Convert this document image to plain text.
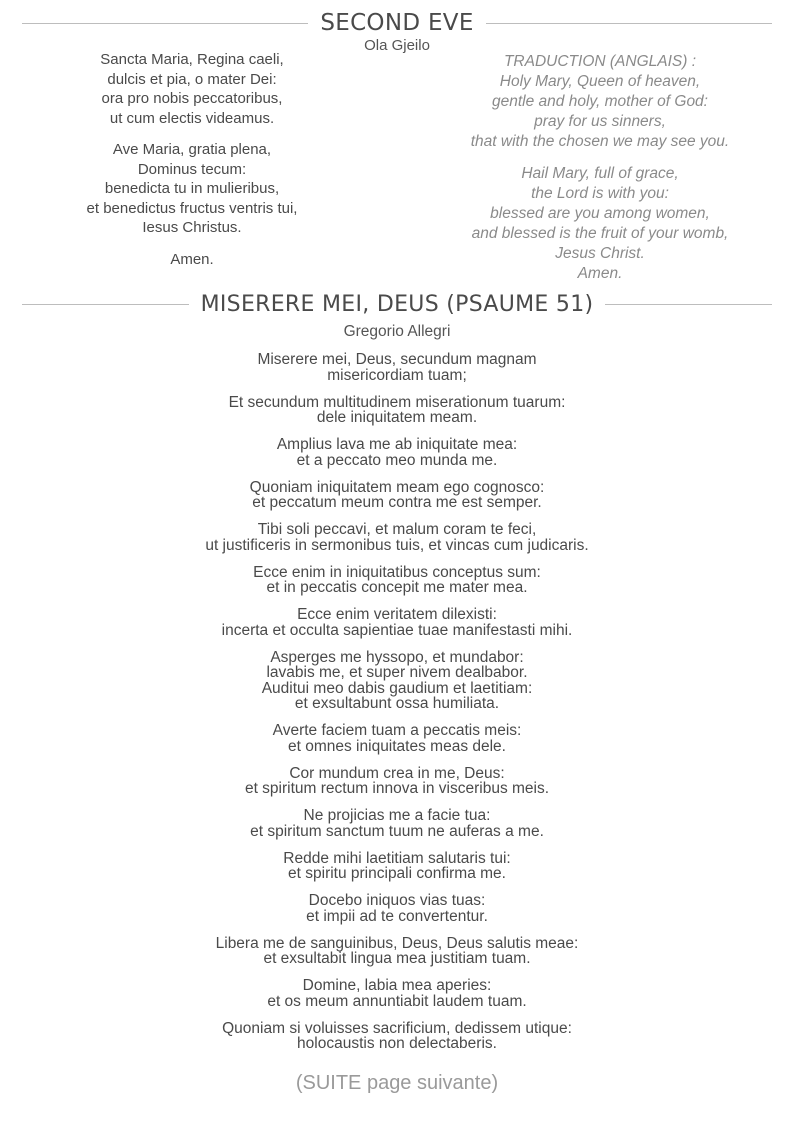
SECOND EVE
Ola Gjeilo
Sancta Maria, Regina caeli,
dulcis et pia, o mater Dei:
ora pro nobis peccatoribus,
ut cum electis videamus.
Ave Maria, gratia plena,
Dominus tecum:
benedicta tu in mulieribus,
et benedictus fructus ventris tui,
Iesus Christus.
Amen.
TRADUCTION (ANGLAIS) :
Holy Mary, Queen of heaven,
gentle and holy, mother of God:
pray for us sinners,
that with the chosen we may see you.
Hail Mary, full of grace,
the Lord is with you:
blessed are you among women,
and blessed is the fruit of your womb,
Jesus Christ.
Amen.
MISERERE MEI, DEUS (PSAUME 51)
Gregorio Allegri
Miserere mei, Deus, secundum magnam
misericordiam tuam;
Et secundum multitudinem miserationum tuarum:
dele iniquitatem meam.
Amplius lava me ab iniquitate mea:
et a peccato meo munda me.
Quoniam iniquitatem meam ego cognosco:
et peccatum meum contra me est semper.
Tibi soli peccavi, et malum coram te feci,
ut justificeris in sermonibus tuis, et vincas cum judicaris.
Ecce enim in iniquitatibus conceptus sum:
et in peccatis concepit me mater mea.
Ecce enim veritatem dilexisti:
incerta et occulta sapientiae tuae manifestasti mihi.
Asperges me hyssopo, et mundabor:
lavabis me, et super nivem dealbabor.
Auditui meo dabis gaudium et laetitiam:
et exsultabunt ossa humiliata.
Averte faciem tuam a peccatis meis:
et omnes iniquitates meas dele.
Cor mundum crea in me, Deus:
et spiritum rectum innova in visceribus meis.
Ne projicias me a facie tua:
et spiritum sanctum tuum ne auferas a me.
Redde mihi laetitiam salutaris tui:
et spiritu principali confirma me.
Docebo iniquos vias tuas:
et impii ad te convertentur.
Libera me de sanguinibus, Deus, Deus salutis meae:
et exsultabit lingua mea justitiam tuam.
Domine, labia mea aperies:
et os meum annuntiabit laudem tuam.
Quoniam si voluisses sacrificium, dedissem utique:
holocaustis non delectaberis.
(SUITE page suivante)
